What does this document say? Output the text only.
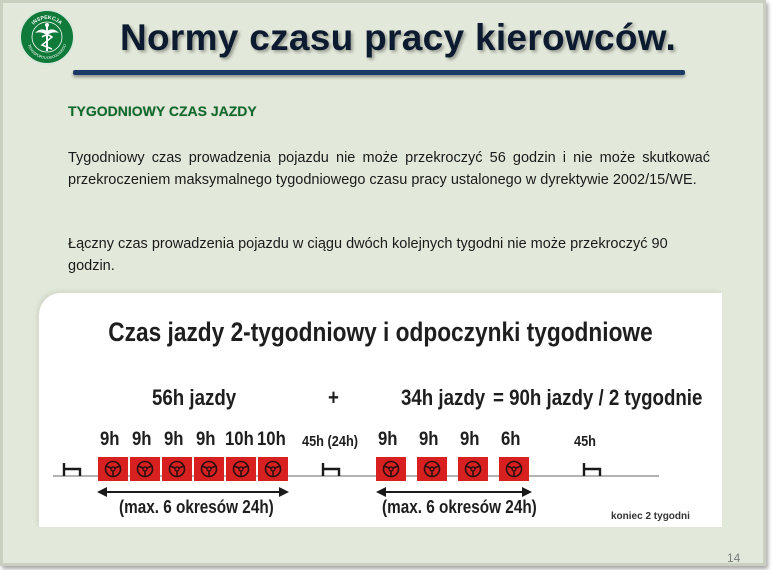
INSPEKCJA
TRANSPORTU DROGOWEGO	Normy czasu pracy kierowców.
TYGODNIOWY CZAS JAZDY
Tygodniowy czas prowadzenia pojazdu nie może przekroczyć 56 godzin i nie może skutkować przekroczeniem maksymalnego tygodniowego czasu pracy ustalonego w dyrektywie 2002/15/WE.
Łączny czas prowadzenia pojazdu w ciągu dwóch kolejnych tygodni nie może przekroczyć 90 godzin.
Czas jazdy 2-tygodniowy i odpoczynki tygodniowe
56h jazdy	+	34h jazdy = 90h jazdy / 2 tygodnie
9h 9h 9h 9h 10h 10h 45h (24h) 9h 9h 9h 6h	45h
(max. 6 okresów 24h)	(max. 6 okresów 24h)	koniec 2 tygodni
14
